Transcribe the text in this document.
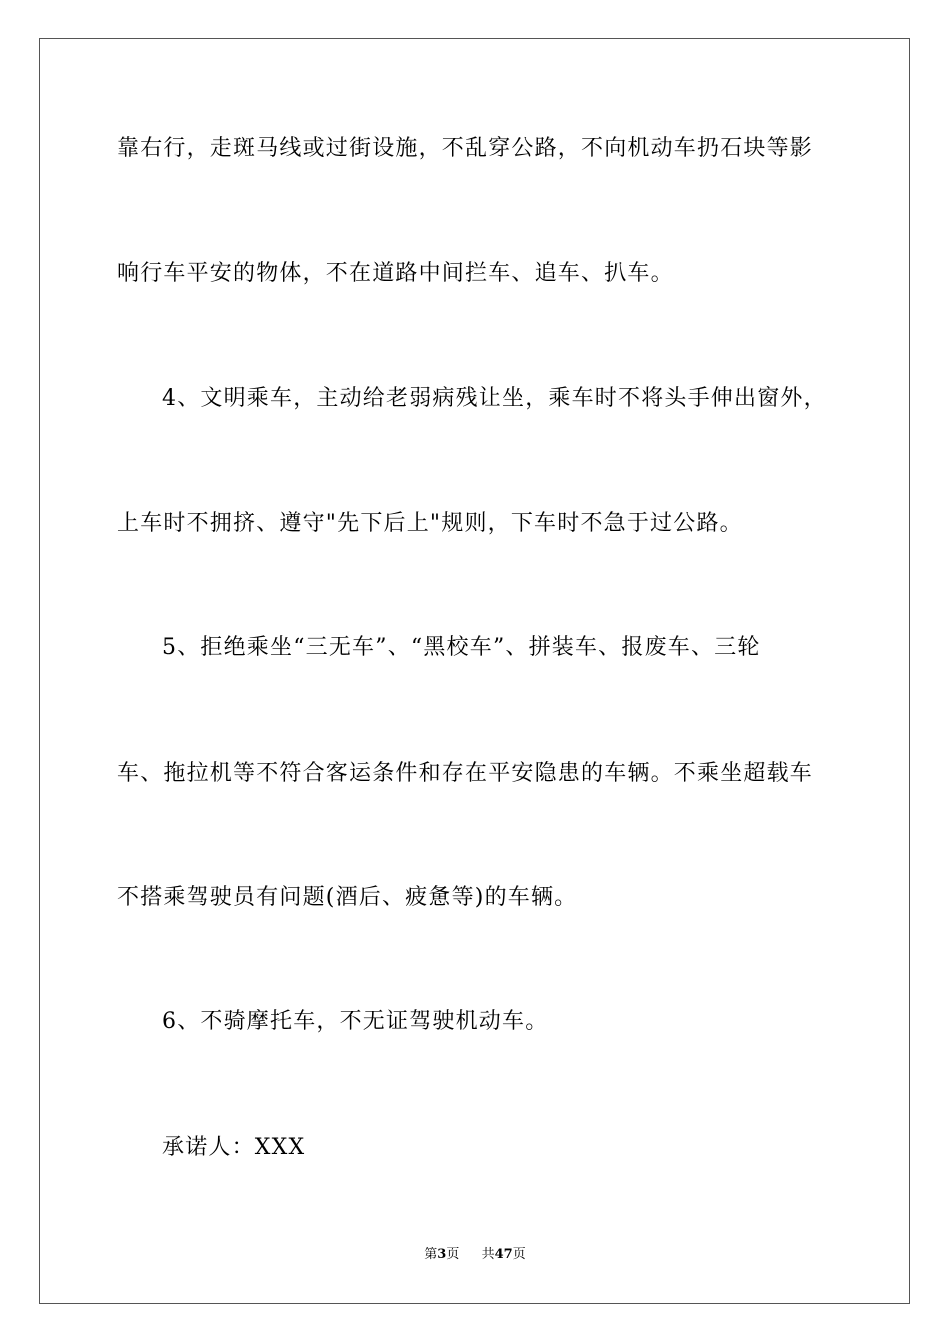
靠右行，走斑马线或过街设施，不乱穿公路，不向机动车扔石块等影
响行车平安的物体，不在道路中间拦车、追车、扒车。
4、文明乘车，主动给老弱病残让坐，乘车时不将头手伸出窗外，
上车时不拥挤、遵守"先下后上"规则，下车时不急于过公路。
5、拒绝乘坐“三无车”、“黑校车”、拼装车、报废车、三轮
车、拖拉机等不符合客运条件和存在平安隐患的车辆。不乘坐超载车
不搭乘驾驶员有问题(酒后、疲惫等)的车辆。
6、不骑摩托车，不无证驾驶机动车。
承诺人：XXX
第3页 共47页
